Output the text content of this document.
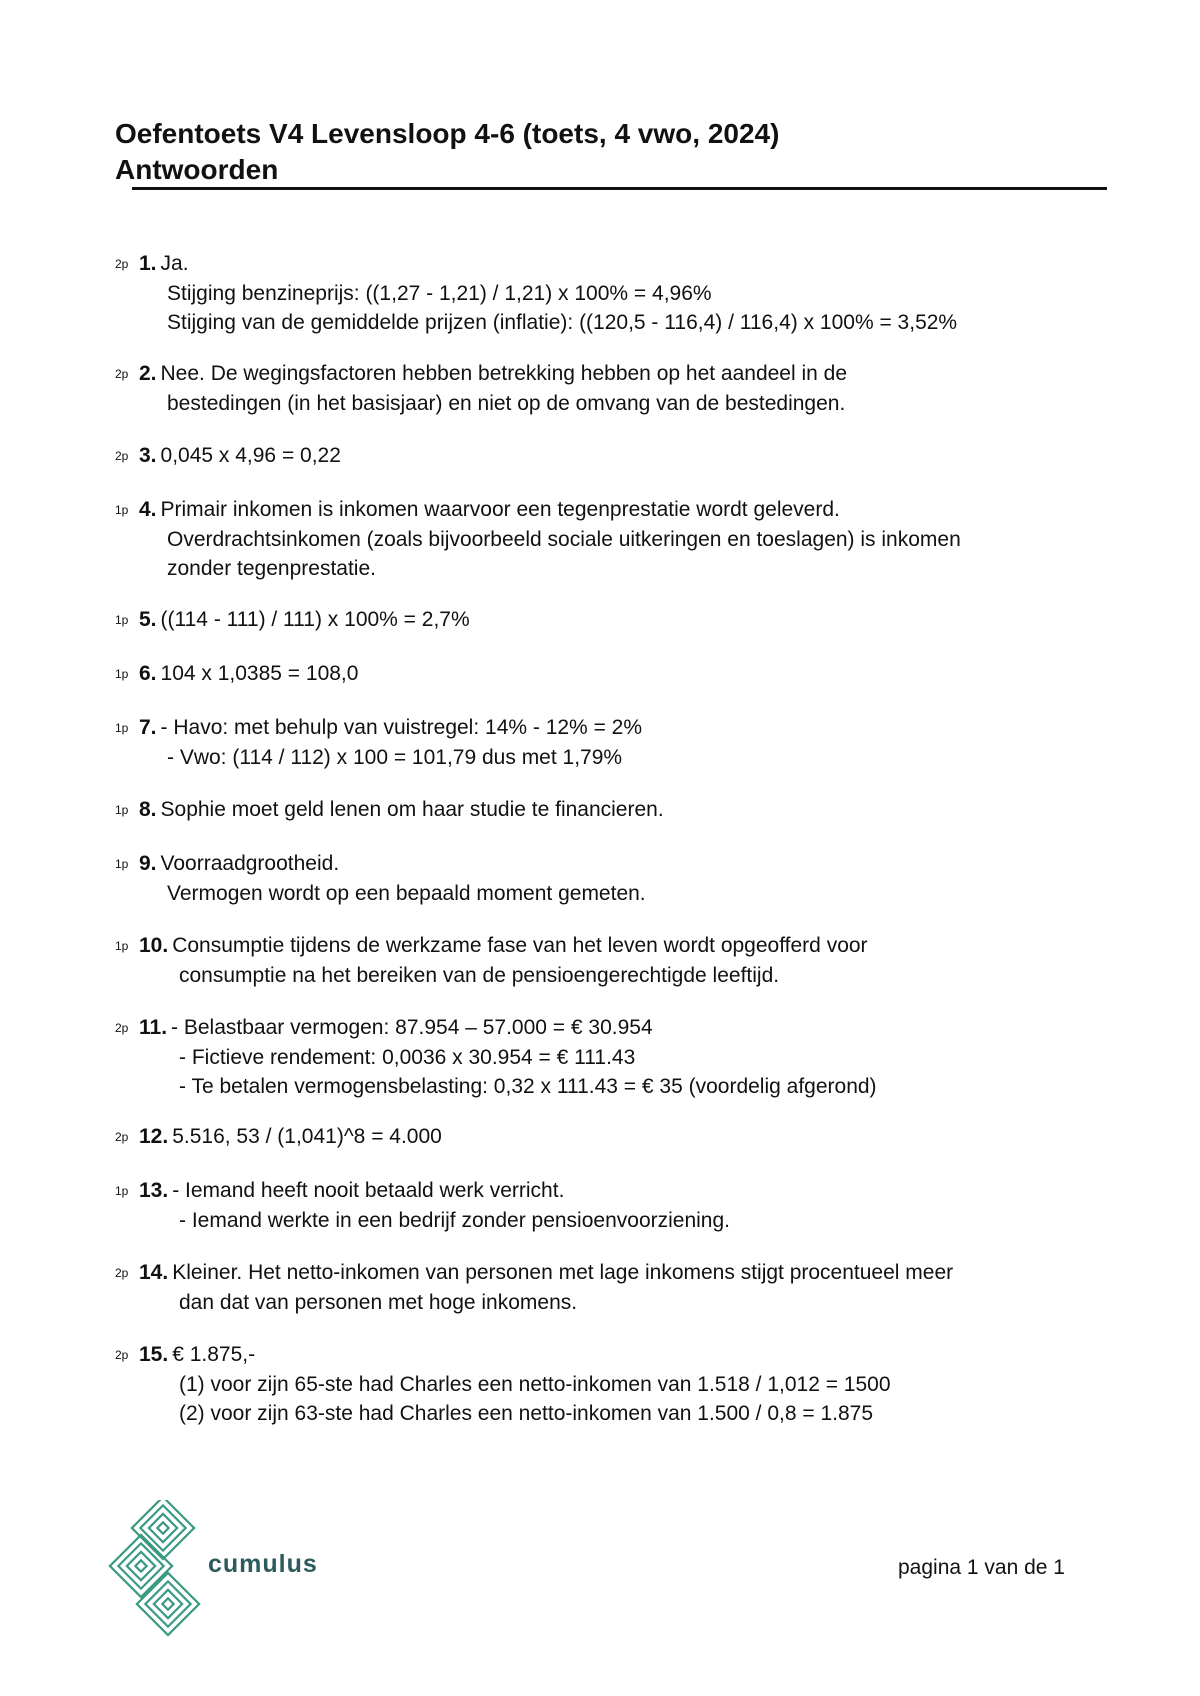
Oefentoets V4 Levensloop 4-6 (toets, 4 vwo, 2024)
Antwoorden
2p 1. Ja.
Stijging benzineprijs: ((1,27 - 1,21) / 1,21) x 100% = 4,96%
Stijging van de gemiddelde prijzen (inflatie): ((120,5 - 116,4) / 116,4) x 100% = 3,52%
2p 2. Nee. De wegingsfactoren hebben betrekking hebben op het aandeel in de
bestedingen (in het basisjaar) en niet op de omvang van de bestedingen.
2p 3. 0,045 x 4,96 = 0,22
1p 4. Primair inkomen is inkomen waarvoor een tegenprestatie wordt geleverd.
Overdrachtsinkomen (zoals bijvoorbeeld sociale uitkeringen en toeslagen) is inkomen
zonder tegenprestatie.
1p 5. ((114 - 111) / 111) x 100% = 2,7%
1p 6. 104 x 1,0385 = 108,0
1p 7. - Havo: met behulp van vuistregel: 14% - 12% = 2%
- Vwo: (114 / 112) x 100 = 101,79 dus met 1,79%
1p 8. Sophie moet geld lenen om haar studie te financieren.
1p 9. Voorraadgrootheid.
Vermogen wordt op een bepaald moment gemeten.
1p 10. Consumptie tijdens de werkzame fase van het leven wordt opgeofferd voor
consumptie na het bereiken van de pensioengerechtigde leeftijd.
2p 11. - Belastbaar vermogen: 87.954 – 57.000 = € 30.954
- Fictieve rendement: 0,0036 x 30.954 = € 111.43
- Te betalen vermogensbelasting: 0,32 x 111.43 = € 35 (voordelig afgerond)
2p 12. 5.516, 53 / (1,041)^8 = 4.000
1p 13. - Iemand heeft nooit betaald werk verricht.
- Iemand werkte in een bedrijf zonder pensioenvoorziening.
2p 14. Kleiner. Het netto-inkomen van personen met lage inkomens stijgt procentueel meer
dan dat van personen met hoge inkomens.
2p 15. € 1.875,-
(1) voor zijn 65-ste had Charles een netto-inkomen van 1.518 / 1,012 = 1500
(2) voor zijn 63-ste had Charles een netto-inkomen van 1.500 / 0,8 = 1.875
cumulus	pagina 1 van de 1
